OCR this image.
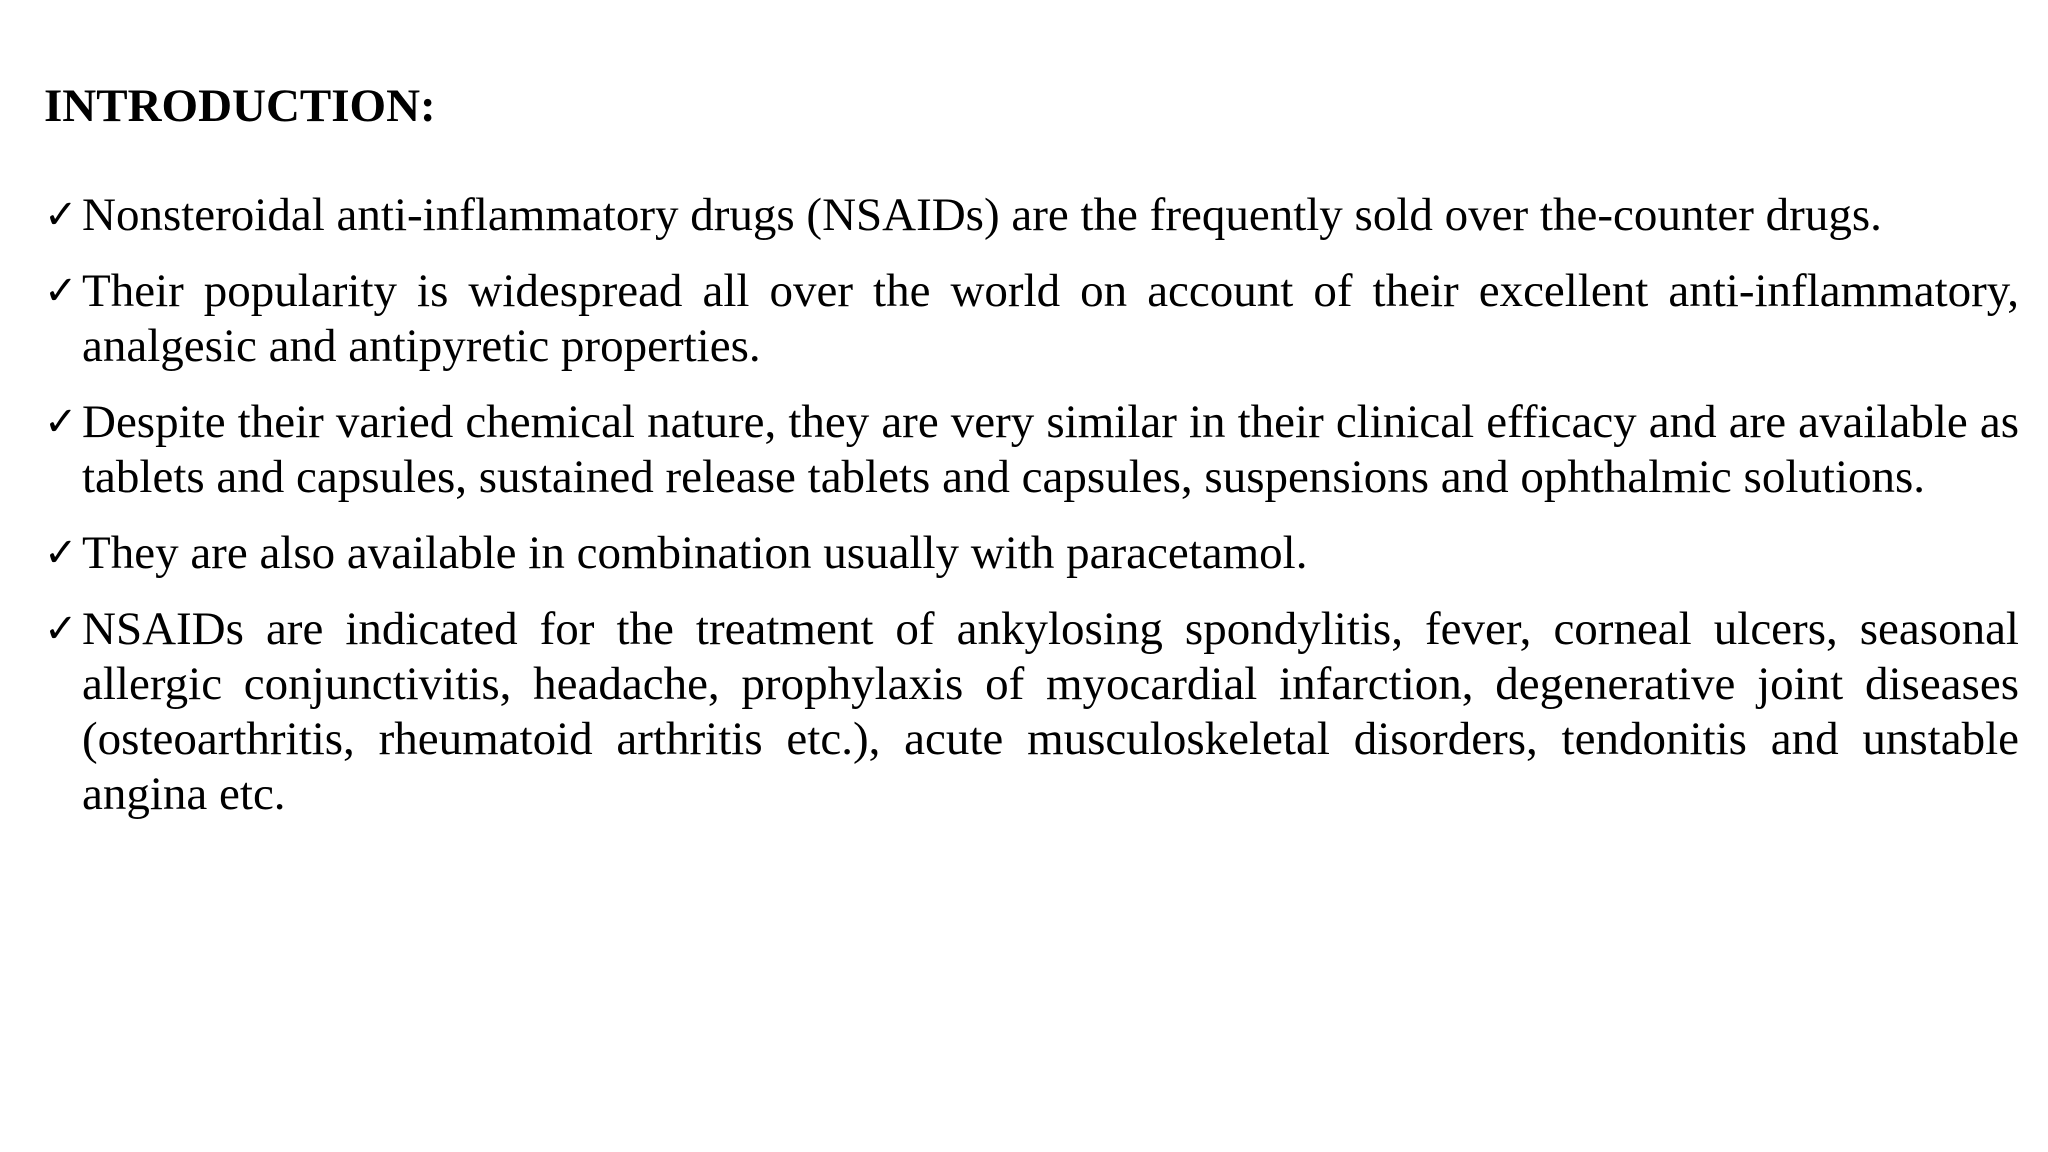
INTRODUCTION:
✓ Nonsteroidal anti-inflammatory drugs (NSAIDs) are the frequently sold over the-counter drugs.
✓ Their popularity is widespread all over the world on account of their excellent anti-inflammatory, analgesic and antipyretic properties.
✓ Despite their varied chemical nature, they are very similar in their clinical efficacy and are available as tablets and capsules, sustained release tablets and capsules, suspensions and ophthalmic solutions.
✓ They are also available in combination usually with paracetamol.
✓ NSAIDs are indicated for the treatment of ankylosing spondylitis, fever, corneal ulcers, seasonal allergic conjunctivitis, headache, prophylaxis of myocardial infarction, degenerative joint diseases (osteoarthritis, rheumatoid arthritis etc.), acute musculoskeletal disorders, tendonitis and unstable angina etc.
